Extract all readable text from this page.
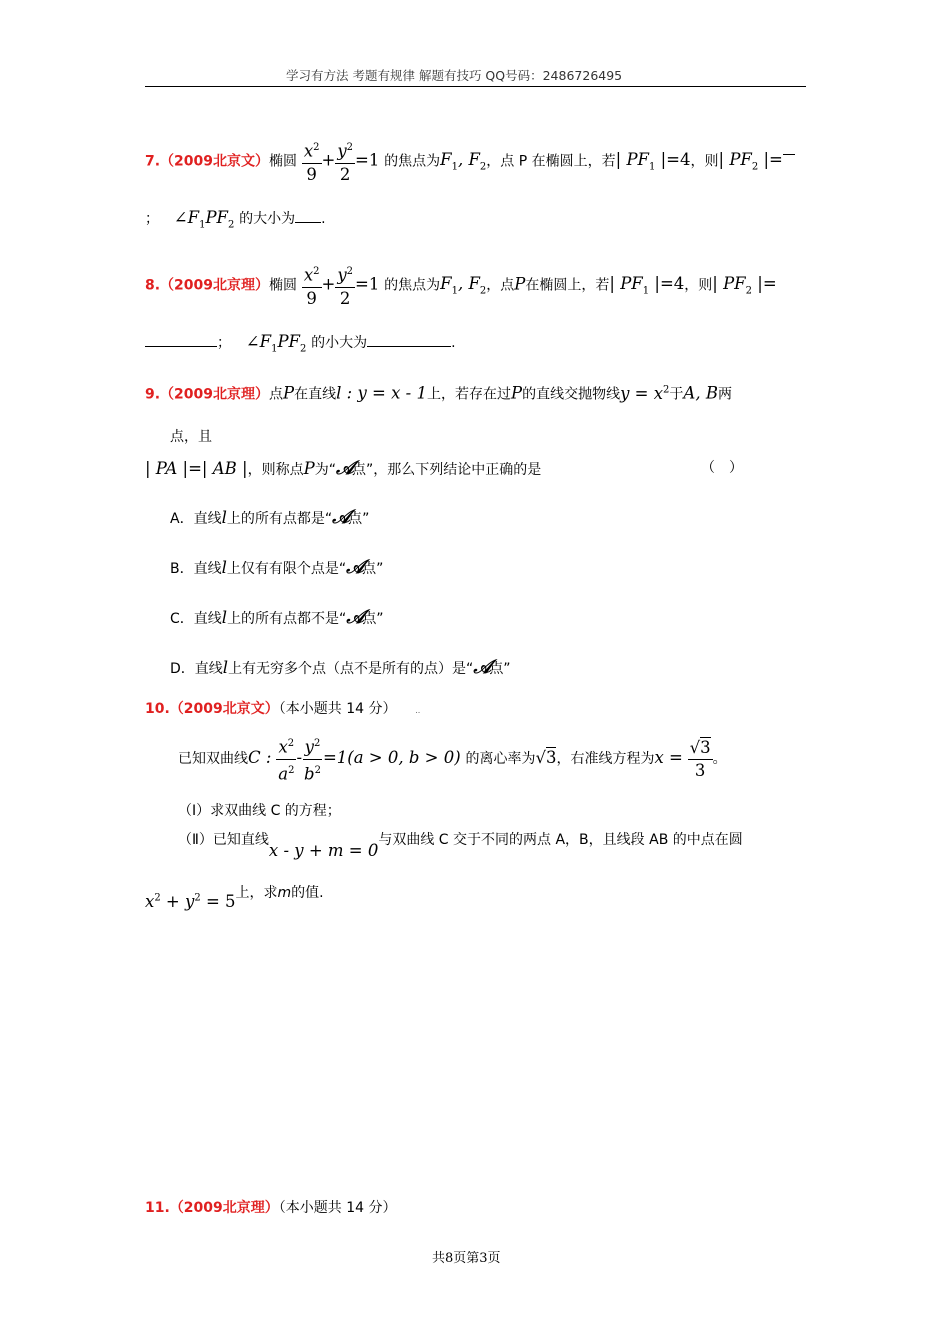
学习有方法 考题有规律 解题有技巧 QQ号码：2486726495
7.（2009北京文）椭圆 $\frac{x^2}{9} + \frac{y^2}{2} =1$ 的焦点为$F_1$, $F_2$，点 P 在椭圆上，若| $PF_1$ |=4，则| $PF_2$ |=
； $\angle F_1PF_2$ 的大小为 .
8.（2009北京理）椭圆 $\frac{x^2}{9} + \frac{y^2}{2} =1$ 的焦点为$F_1$, $F_2$，点P在椭圆上，若| $PF_1$ |=4，则| $PF_2$ |=
； $\angle F_1PF_2$ 的小大为	.
9.（2009北京理）点P在直线l : y = x - 1上，若存在过P的直线交抛物线$y = x^2$于A, B两
点，且
| PA |=| AB |，则称点P为“𝒜点”，那么下列结论中正确的是	（　）
A．直线l上的所有点都是“𝒜点”
B．直线l上仅有有限个点是“𝒜点”
C．直线l上的所有点都不是“𝒜点”
D．直线l上有无穷多个点（点不是所有的点）是“𝒜点”
10.（2009北京文）（本小题共 14 分） ..
已知双曲线C : $\frac{x^2}{a^2} - \frac{y^2}{b^2} =1(a > 0$, b > 0) 的离心率为√3，右准线方程为$x = \frac{√3}{3}$ 。
（Ⅰ）求双曲线 C 的方程；
（Ⅱ）已知直线x - y + m = 0与双曲线 C 交于不同的两点 A，B，且线段 AB 的中点在圆
$x^2 + y^2 = 5$上，求m的值.
11.（2009北京理）（本小题共 14 分）
共8页第3页
